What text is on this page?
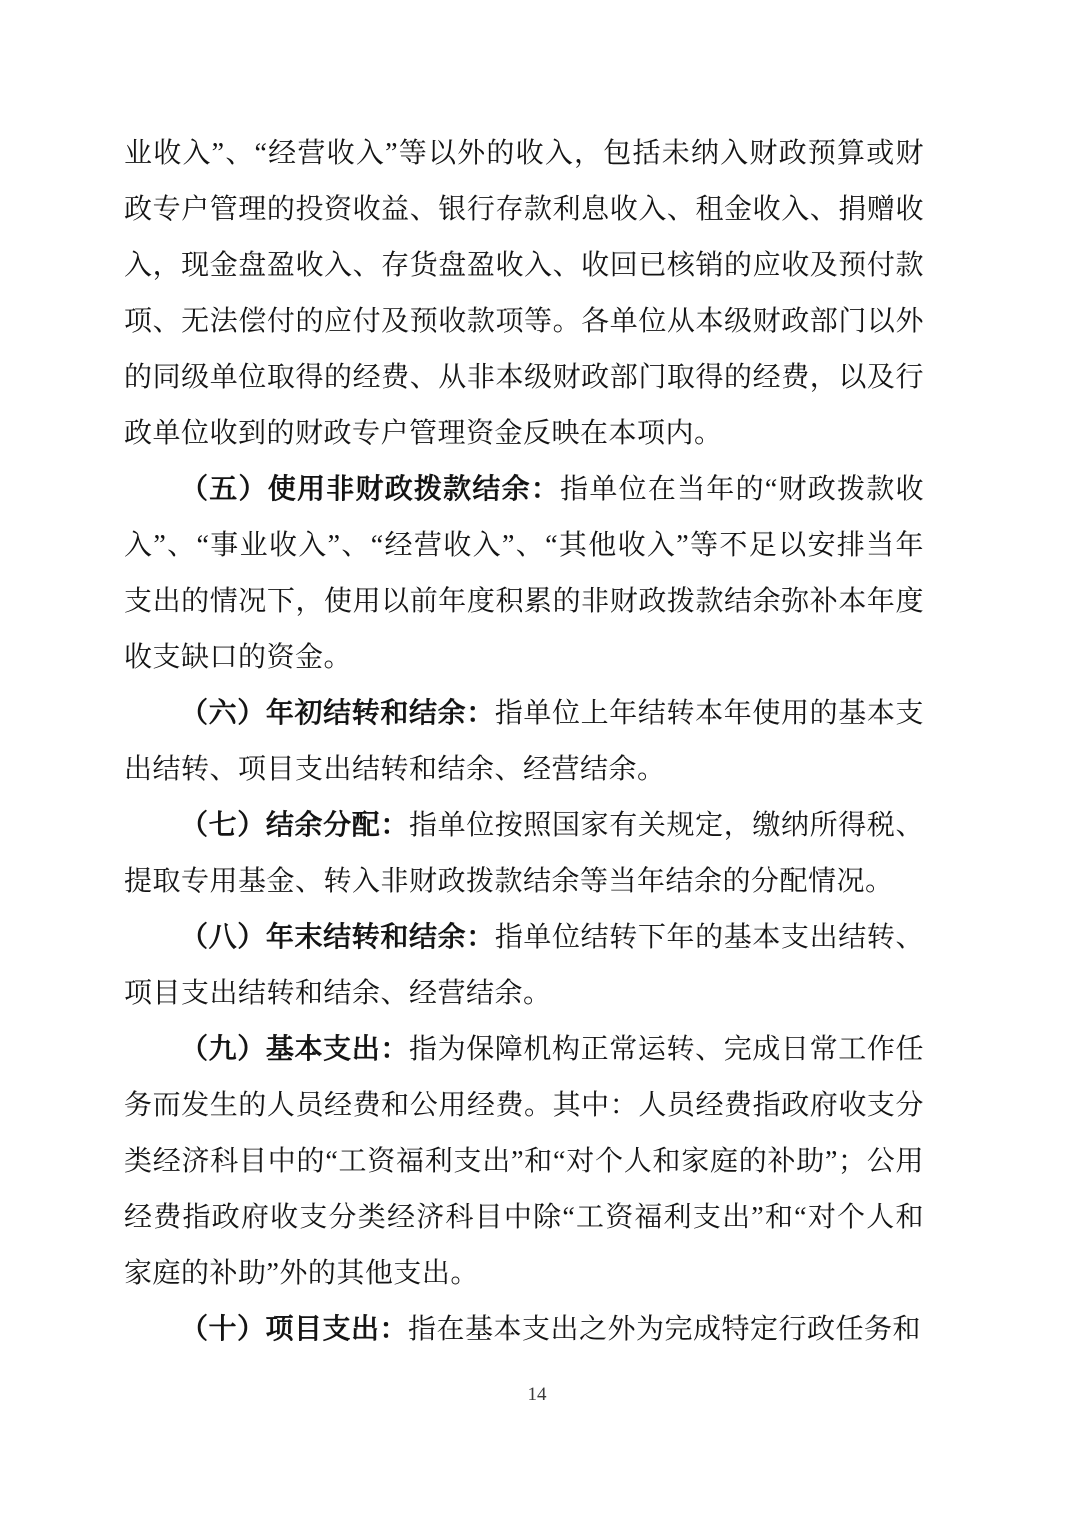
业收入”、“经营收入”等以外的收入，包括未纳入财政预算或财政专户管理的投资收益、银行存款利息收入、租金收入、捐赠收入，现金盘盈收入、存货盘盈收入、收回已核销的应收及预付款项、无法偿付的应付及预收款项等。各单位从本级财政部门以外的同级单位取得的经费、从非本级财政部门取得的经费，以及行政单位收到的财政专户管理资金反映在本项内。

（五）使用非财政拨款结余：指单位在当年的“财政拨款收入”、“事业收入”、“经营收入”、“其他收入”等不足以安排当年支出的情况下，使用以前年度积累的非财政拨款结余弥补本年度收支缺口的资金。

（六）年初结转和结余：指单位上年结转本年使用的基本支出结转、项目支出结转和结余、经营结余。

（七）结余分配：指单位按照国家有关规定，缴纳所得税、提取专用基金、转入非财政拨款结余等当年结余的分配情况。

（八）年末结转和结余：指单位结转下年的基本支出结转、项目支出结转和结余、经营结余。

（九）基本支出：指为保障机构正常运转、完成日常工作任务而发生的人员经费和公用经费。其中：人员经费指政府收支分类经济科目中的“工资福利支出”和“对个人和家庭的补助”；公用经费指政府收支分类经济科目中除“工资福利支出”和“对个人和家庭的补助”外的其他支出。

（十）项目支出：指在基本支出之外为完成特定行政任务和

14
